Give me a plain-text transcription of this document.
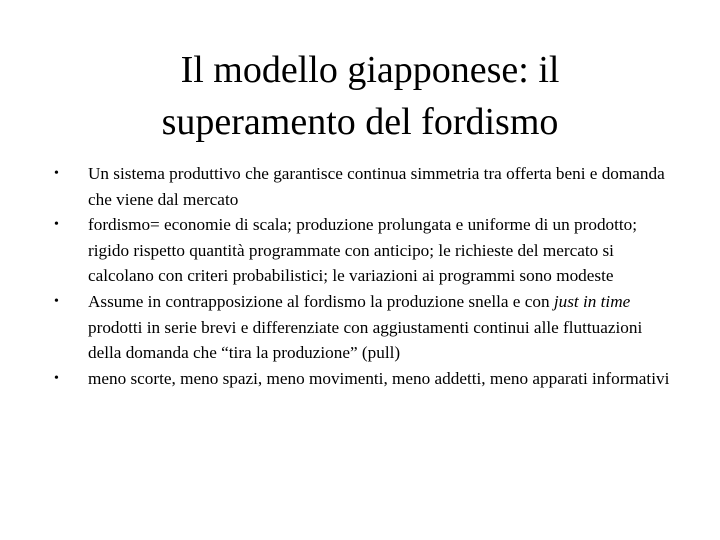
Il modello giapponese: il
superamento del fordismo
•	Un sistema produttivo che garantisce continua simmetria tra offerta beni e domanda che viene dal mercato
•	fordismo= economie di scala; produzione prolungata e uniforme di un prodotto; rigido rispetto quantità programmate con anticipo; le richieste del mercato si calcolano con criteri probabilistici; le variazioni ai programmi sono modeste
•	Assume in contrapposizione al fordismo la produzione snella e con just in time prodotti in serie brevi e differenziate con aggiustamenti continui alle fluttuazioni della domanda che “tira la produzione” (pull)
•	meno scorte, meno spazi, meno movimenti, meno addetti, meno apparati informativi
